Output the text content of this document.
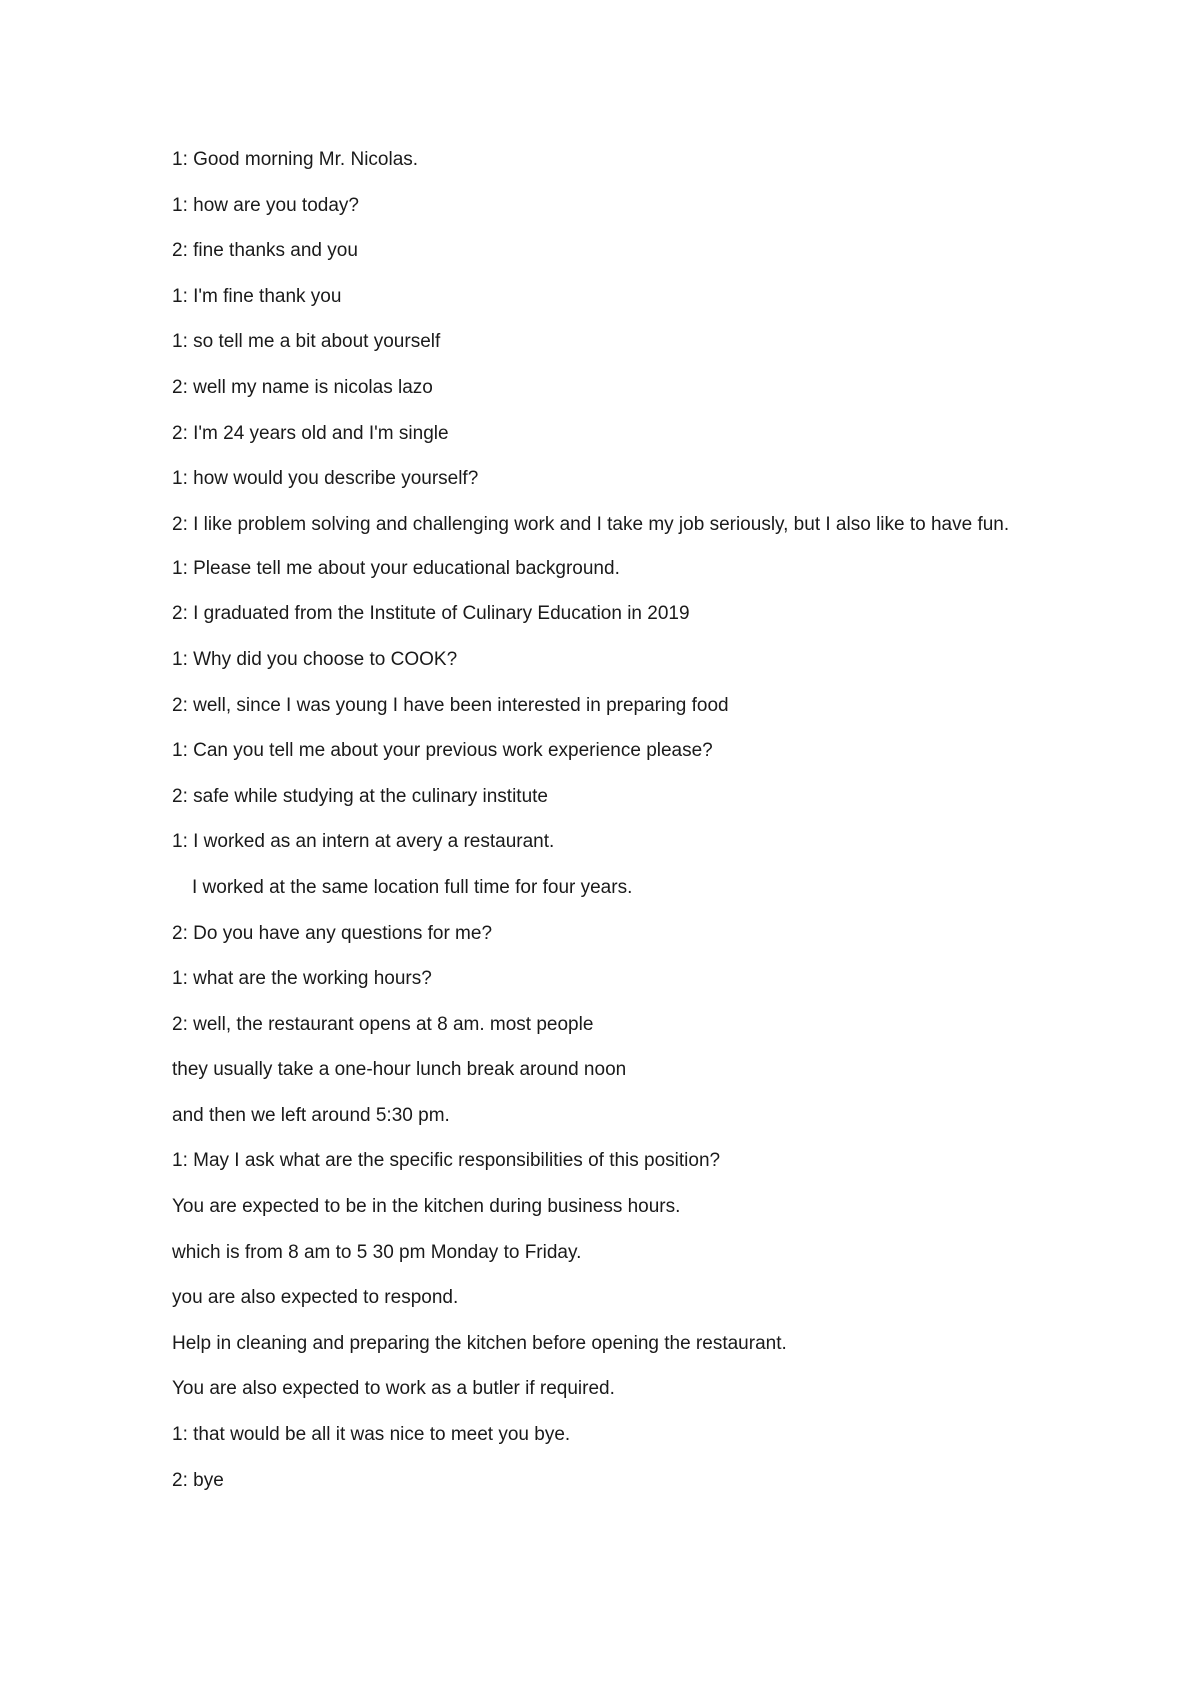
1: Good morning Mr. Nicolas.

1: how are you today?

2: fine thanks and you

1: I'm fine thank you

1: so tell me a bit about yourself

2: well my name is nicolas lazo

2: I'm 24 years old and I'm single

1: how would you describe yourself?

2: I like problem solving and challenging work and I take my job seriously, but I also like to have fun.

1: Please tell me about your educational background.

2: I graduated from the Institute of Culinary Education in 2019

1: Why did you choose to COOK?

2: well, since I was young I have been interested in preparing food

1: Can you tell me about your previous work experience please?

2: safe while studying at the culinary institute

1: I worked as an intern at avery a restaurant.

I worked at the same location full time for four years.

2: Do you have any questions for me?

1: what are the working hours?

2: well, the restaurant opens at 8 am. most people

they usually take a one-hour lunch break around noon

and then we left around 5:30 pm.

1: May I ask what are the specific responsibilities of this position?

You are expected to be in the kitchen during business hours.

which is from 8 am to 5 30 pm Monday to Friday.

you are also expected to respond.

Help in cleaning and preparing the kitchen before opening the restaurant.

You are also expected to work as a butler if required.

1: that would be all it was nice to meet you bye.

2: bye
